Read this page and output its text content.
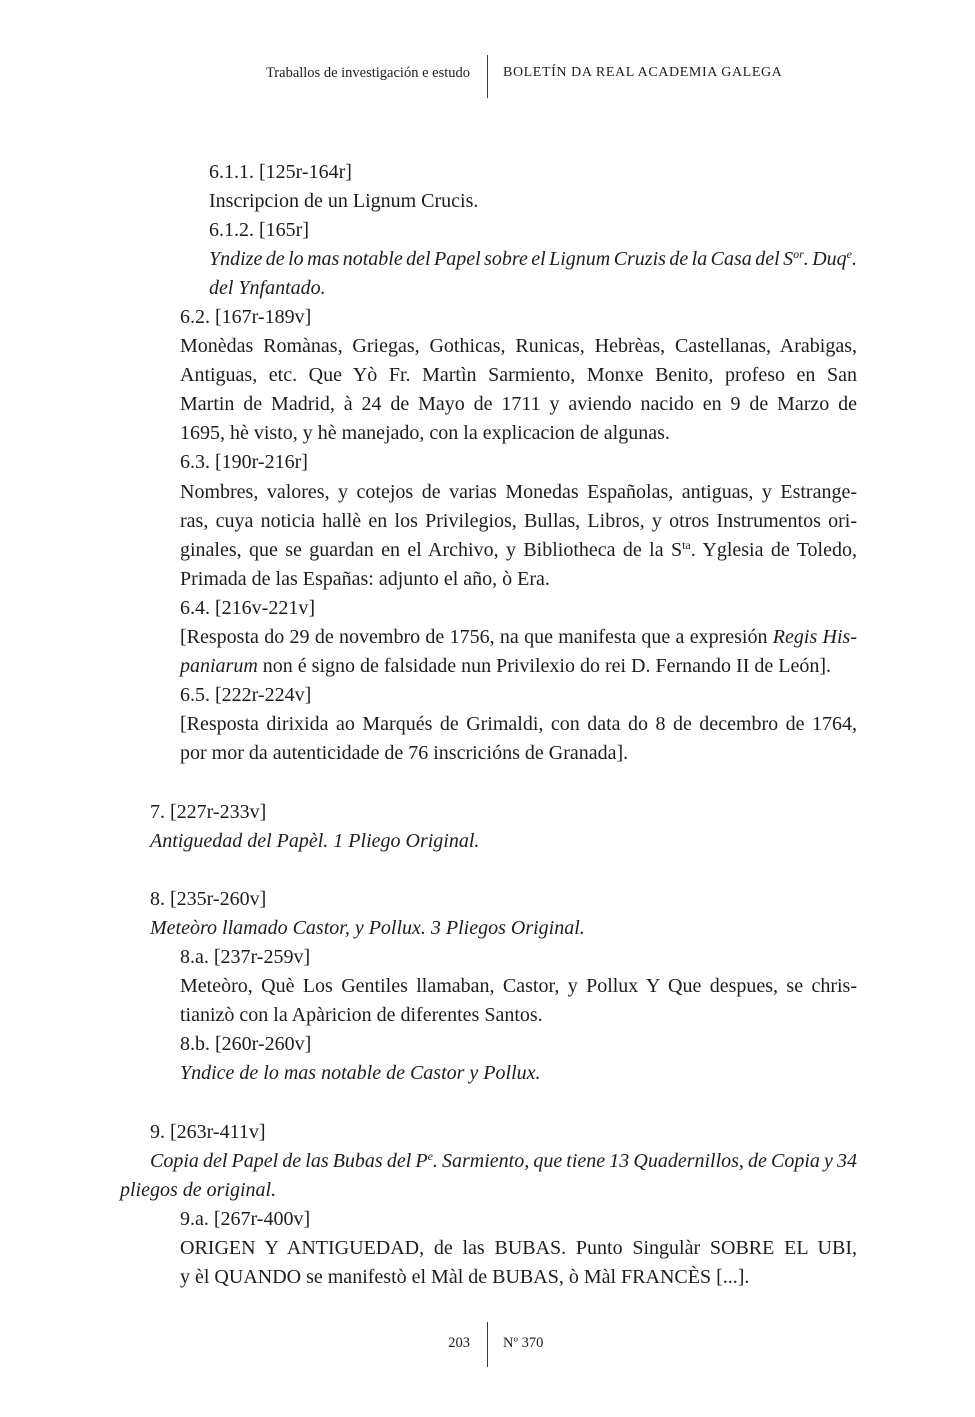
Traballos de investigación e estudo BOLETÍN DA REAL ACADEMIA GALEGA
6.1.1. [125r-164r]
Inscripcion de un Lignum Crucis.
6.1.2. [165r]
Yndize de lo mas notable del Papel sobre el Lignum Cruzis de la Casa del $S^{or}$. Duq$^e$.
del Ynfantado.
6.2. [167r-189v]
Monèdas Romànas, Griegas, Gothicas, Runicas, Hebrèas, Castellanas, Arabigas,
Antiguas, etc. Que Yò Fr. Martìn Sarmiento, Monxe Benito, profeso en San
Martin de Madrid, à 24 de Mayo de 1711 y aviendo nacido en 9 de Marzo de
1695, hè visto, y hè manejado, con la explicacion de algunas.
6.3. [190r-216r]
Nombres, valores, y cotejos de varias Monedas Españolas, antiguas, y Estrange-
ras, cuya noticia hallè en los Privilegios, Bullas, Libros, y otros Instrumentos ori-
ginales, que se guardan en el Archivo, y Bibliotheca de la $S^{ta}$. Yglesia de Toledo,
Primada de las Españas: adjunto el año, ò Era.
6.4. [216v-221v]
[Resposta do 29 de novembro de 1756, na que manifesta que a expresión Regis His-
paniarum non é signo de falsidade nun Privilexio do rei D. Fernando II de León].
6.5. [222r-224v]
[Resposta dirixida ao Marqués de Grimaldi, con data do 8 de decembro de 1764,
por mor da autenticidade de 76 inscricións de Granada].
7. [227r-233v]
Antiguedad del Papèl. 1 Pliego Original.
8. [235r-260v]
Meteòro llamado Castor, y Pollux. 3 Pliegos Original.
8.a. [237r-259v]
Meteòro, Què Los Gentiles llamaban, Castor, y Pollux Y Que despues, se chris-
tianizò con la Apàricion de diferentes Santos.
8.b. [260r-260v]
Yndice de lo mas notable de Castor y Pollux.
9. [263r-411v]
Copia del Papel de las Bubas del $P^e$. Sarmiento, que tiene 13 Quadernillos, de Copia y 34
pliegos de original.
9.a. [267r-400v]
ORIGEN Y ANTIGUEDAD, de las BUBAS. Punto Singulàr SOBRE EL UBI,
y èl QUANDO se manifestò el Màl de BUBAS, ò Màl FRANCÈS [...].
203 Nº 370
